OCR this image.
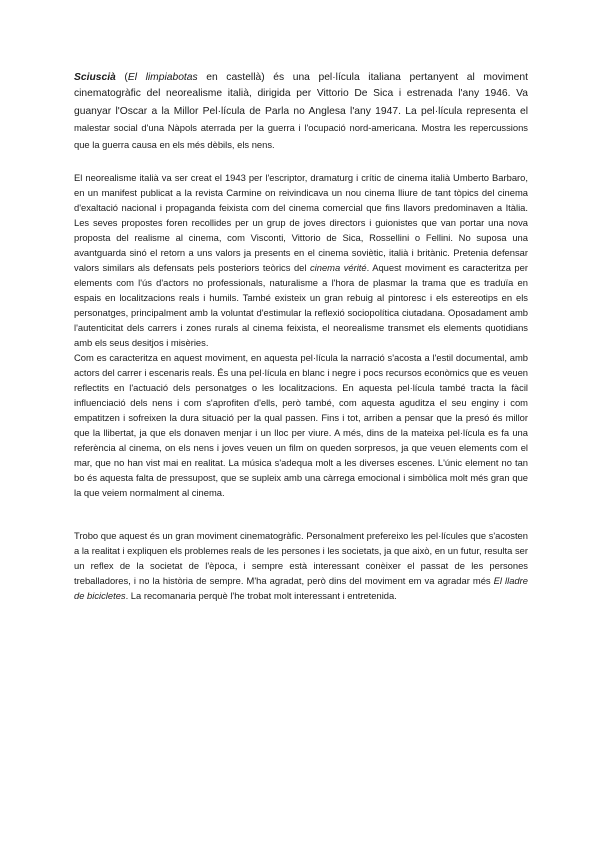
Sciuscià (El limpiabotas en castellà) és una pel·lícula italiana pertanyent al moviment cinematogràfic del neorealisme italià, dirigida per Vittorio De Sica i estrenada l'any 1946. Va guanyar l'Oscar a la Millor Pel·lícula de Parla no Anglesa l'any 1947. La pel·lícula representa el malestar social d'una Nàpols aterrada per la guerra i l'ocupació nord-americana. Mostra les repercussions que la guerra causa en els més dèbils, els nens.

El neorealisme italià va ser creat el 1943 per l'escriptor, dramaturg i crític de cinema italià Umberto Barbaro, en un manifest publicat a la revista Carmine on reivindicava un nou cinema lliure de tant tòpics del cinema d'exaltació nacional i propaganda feixista com del cinema comercial que fins llavors predominaven a Itàlia. Les seves propostes foren recollides per un grup de joves directors i guionistes que van portar una nova proposta del realisme al cinema, com Visconti, Vittorio de Sica, Rossellini o Fellini. No suposa una avantguarda sinó el retorn a uns valors ja presents en el cinema soviètic, italià i britànic. Pretenia defensar valors similars als defensats pels posteriors teòrics del cinema vérité. Aquest moviment es caracteritza per elements com l'ús d'actors no professionals, naturalisme a l'hora de plasmar la trama que es traduïa en espais en localitzacions reals i humils. També existeix un gran rebuig al pintoresc i els estereotips en els personatges, principalment amb la voluntat d'estimular la reflexió sociopolítica ciutadana. Oposadament amb l'autenticitat dels carrers i zones rurals al cinema feixista, el neorealisme transmet els elements quotidians amb els seus desitjos i misèries.

Com es caracteritza en aquest moviment, en aquesta pel·lícula la narració s'acosta a l'estil documental, amb actors del carrer i escenaris reals. És una pel·lícula en blanc i negre i pocs recursos econòmics que es veuen reflectits en l'actuació dels personatges o les localitzacions. En aquesta pel·lícula també tracta la fàcil influenciació dels nens i com s'aprofiten d'ells, però també, com aquesta aguditza el seu enginy i com empatitzen i sofreixen la dura situació per la qual passen. Fins i tot, arriben a pensar que la presó és millor que la llibertat, ja que els donaven menjar i un lloc per viure. A més, dins de la mateixa pel·lícula es fa una referència al cinema, on els nens i joves veuen un film on queden sorpresos, ja que veuen elements com el mar, que no han vist mai en realitat. La música s'adequa molt a les diverses escenes. L'únic element no tan bo és aquesta falta de pressupost, que se supleix amb una càrrega emocional i simbòlica molt més gran que la que veiem normalment al cinema.

Trobo que aquest és un gran moviment cinematogràfic. Personalment prefereixo les pel·lícules que s'acosten a la realitat i expliquen els problemes reals de les persones i les societats, ja que això, en un futur, resulta ser un reflex de la societat de l'època, i sempre està interessant conèixer el passat de les persones treballadores, i no la història de sempre. M'ha agradat, però dins del moviment em va agradar més El lladre de bicicletes. La recomanaria perquè l'he trobat molt interessant i entretenida.
